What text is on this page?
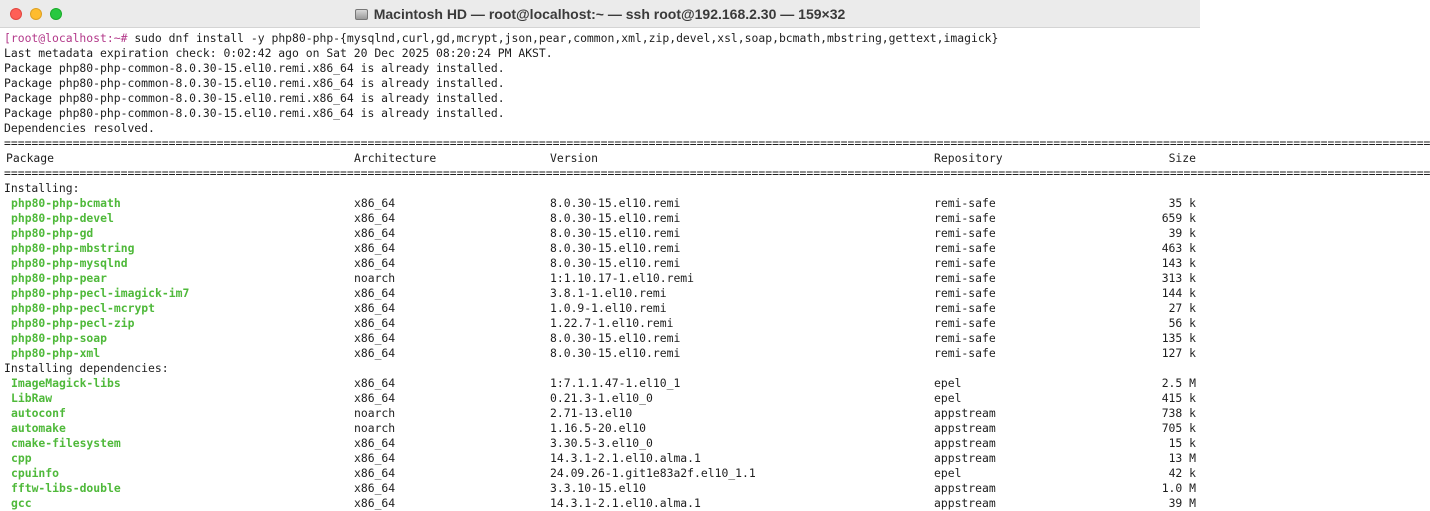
Macintosh HD — root@localhost:~ — ssh root@192.168.2.30 — 159×32
[root@localhost:~# sudo dnf install -y php80-php-{mysqlnd,curl,gd,mcrypt,json,pear,common,xml,zip,devel,xsl,soap,bcmath,mbstring,gettext,imagick}
Last metadata expiration check: 0:02:42 ago on Sat 20 Dec 2025 08:20:24 PM AKST.
Package php80-php-common-8.0.30-15.el10.remi.x86_64 is already installed.
Package php80-php-common-8.0.30-15.el10.remi.x86_64 is already installed.
Package php80-php-common-8.0.30-15.el10.remi.x86_64 is already installed.
Package php80-php-common-8.0.30-15.el10.remi.x86_64 is already installed.
Dependencies resolved.
================================================================================================================================================================================================================
Package	Architecture	Version	Repository	Size
================================================================================================================================================================================================================
Installing:
php80-php-bcmath	x86_64	8.0.30-15.el10.remi	remi-safe	35 k
php80-php-devel	x86_64	8.0.30-15.el10.remi	remi-safe	659 k
php80-php-gd	x86_64	8.0.30-15.el10.remi	remi-safe	39 k
php80-php-mbstring	x86_64	8.0.30-15.el10.remi	remi-safe	463 k
php80-php-mysqlnd	x86_64	8.0.30-15.el10.remi	remi-safe	143 k
php80-php-pear	noarch	1:1.10.17-1.el10.remi	remi-safe	313 k
php80-php-pecl-imagick-im7	x86_64	3.8.1-1.el10.remi	remi-safe	144 k
php80-php-pecl-mcrypt	x86_64	1.0.9-1.el10.remi	remi-safe	27 k
php80-php-pecl-zip	x86_64	1.22.7-1.el10.remi	remi-safe	56 k
php80-php-soap	x86_64	8.0.30-15.el10.remi	remi-safe	135 k
php80-php-xml	x86_64	8.0.30-15.el10.remi	remi-safe	127 k
Installing dependencies:
ImageMagick-libs	x86_64	1:7.1.1.47-1.el10_1	epel	2.5 M
LibRaw	x86_64	0.21.3-1.el10_0	epel	415 k
autoconf	noarch	2.71-13.el10	appstream	738 k
automake	noarch	1.16.5-20.el10	appstream	705 k
cmake-filesystem	x86_64	3.30.5-3.el10_0	appstream	15 k
cpp	x86_64	14.3.1-2.1.el10.alma.1	appstream	13 M
cpuinfo	x86_64	24.09.26-1.git1e83a2f.el10_1.1	epel	42 k
fftw-libs-double	x86_64	3.3.10-15.el10	appstream	1.0 M
gcc	x86_64	14.3.1-2.1.el10.alma.1	appstream	39 M
